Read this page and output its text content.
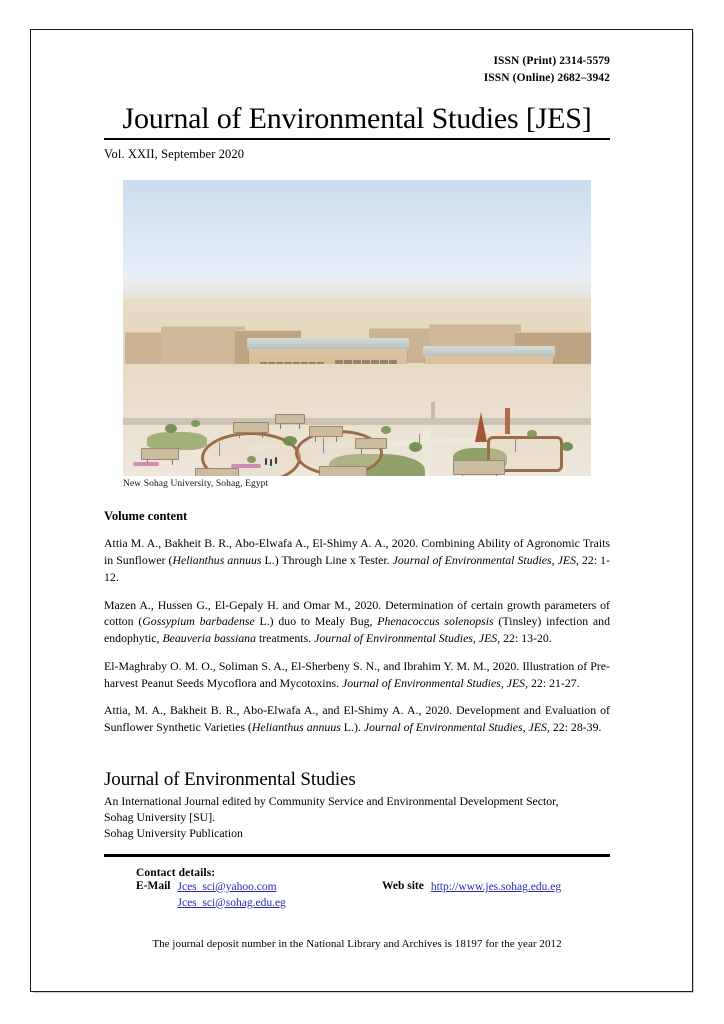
ISSN (Print) 2314-5579
ISSN (Online) 2682–3942
Journal of Environmental Studies [JES]
Vol. XXII, September 2020
New Sohag University, Sohag, Egypt
Volume content
Attia M. A., Bakheit B. R., Abo-Elwafa A., El-Shimy A. A., 2020. Combining Ability of Agronomic Traits in Sunflower (Helianthus annuus L.) Through Line x Tester. Journal of Environmental Studies, JES, 22: 1-12.
Mazen A., Hussen G., El-Gepaly H. and Omar M., 2020. Determination of certain growth parameters of cotton (Gossypium barbadense L.) duo to Mealy Bug, Phenacoccus solenopsis (Tinsley) infection and endophytic, Beauveria bassiana treatments. Journal of Environmental Studies, JES, 22: 13-20.
El-Maghraby O. M. O., Soliman S. A., El-Sherbeny S. N., and Ibrahim Y. M. M., 2020. Illustration of Pre-harvest Peanut Seeds Mycoflora and Mycotoxins. Journal of Environmental Studies, JES, 22: 21-27.
Attia, M. A., Bakheit B. R., Abo-Elwafa A., and El-Shimy A. A., 2020. Development and Evaluation of Sunflower Synthetic Varieties (Helianthus annuus L.). Journal of Environmental Studies, JES, 22: 28-39.
Journal of Environmental Studies
An International Journal edited by Community Service and Environmental Development Sector,
Sohag University [SU].
Sohag University Publication
Contact details:
E-Mail Jces_sci@yahoo.com
Jces_sci@sohag.edu.eg
Web site http://www.jes.sohag.edu.eg
The journal deposit number in the National Library and Archives is 18197 for the year 2012
